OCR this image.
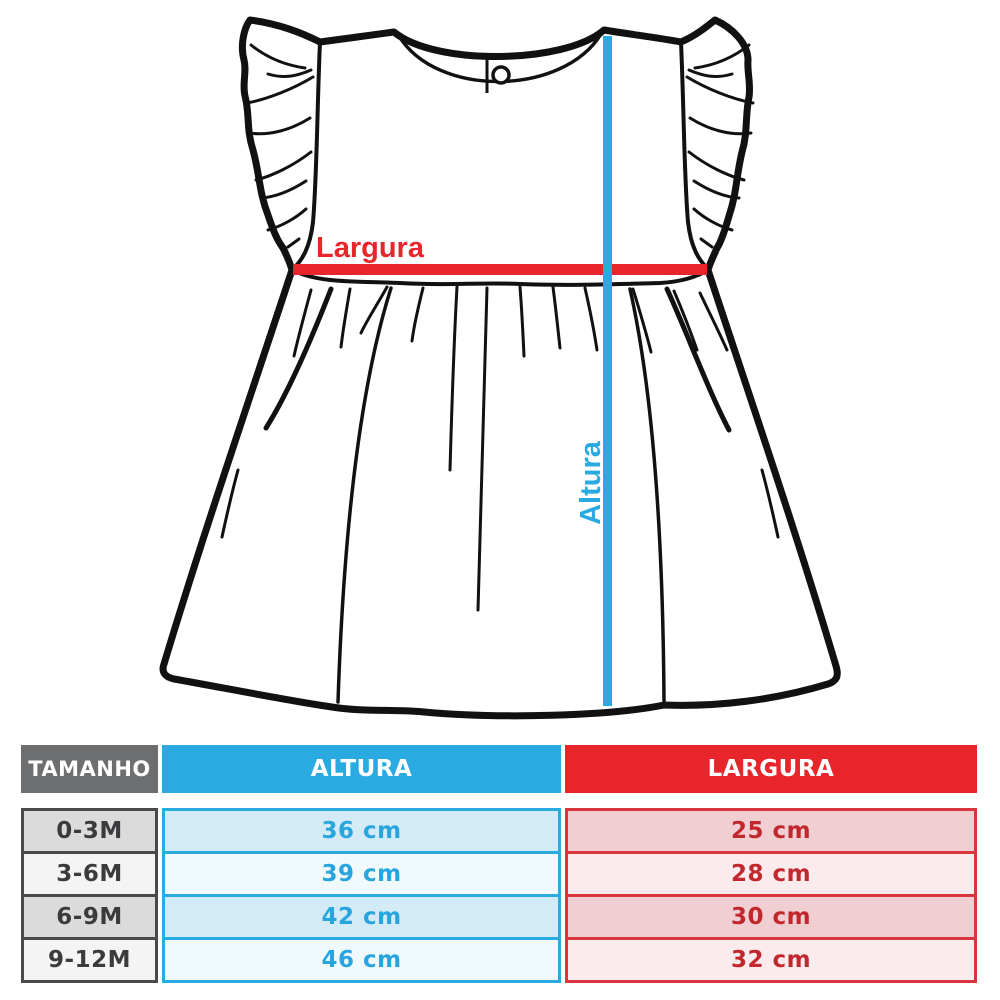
Largura
Altura
TAMANHO	ALTURA	LARGURA
0-3M
3-6M
6-9M
9-12M
36 cm
39 cm
42 cm
46 cm
25 cm
28 cm
30 cm
32 cm
